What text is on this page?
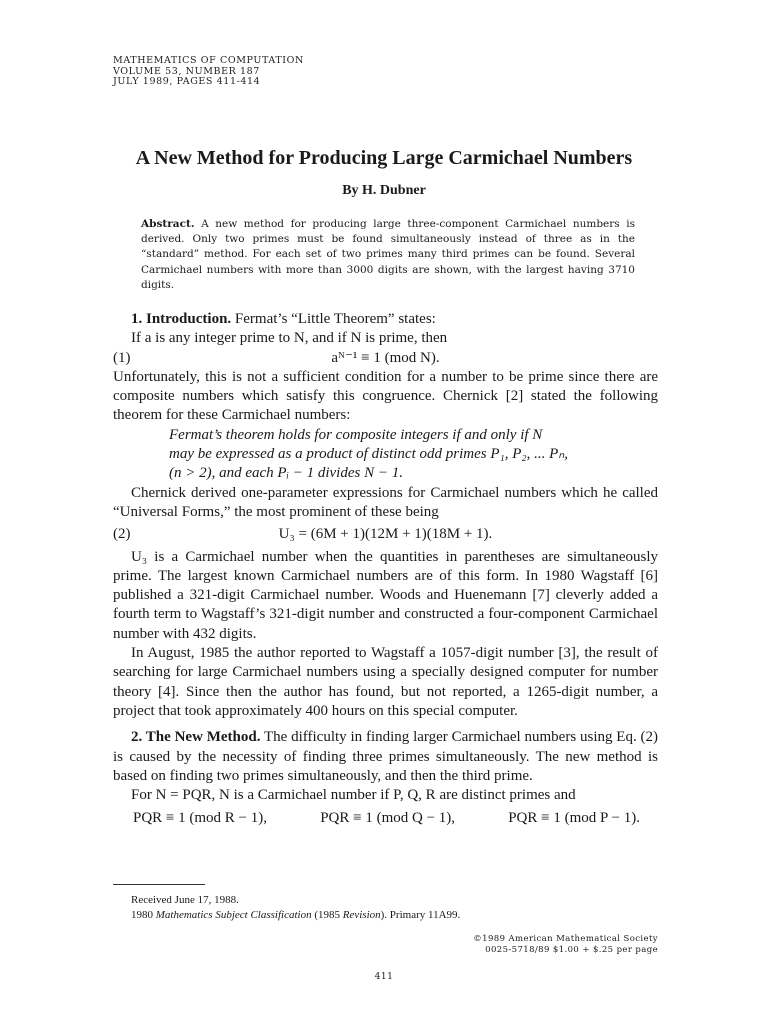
MATHEMATICS OF COMPUTATION
VOLUME 53, NUMBER 187
JULY 1989, PAGES 411-414
A New Method for Producing Large Carmichael Numbers
By H. Dubner
Abstract. A new method for producing large three-component Carmichael numbers is derived. Only two primes must be found simultaneously instead of three as in the “standard” method. For each set of two primes many third primes can be found. Several Carmichael numbers with more than 3000 digits are shown, with the largest having 3710 digits.

1. Introduction. Fermat’s “Little Theorem” states:

If a is any integer prime to N, and if N is prime, then

(1)	aᴺ⁻¹ ≡ 1 (mod N).

Unfortunately, this is not a sufficient condition for a number to be prime since there are composite numbers which satisfy this congruence. Chernick [2] stated the following theorem for these Carmichael numbers:

Fermat’s theorem holds for composite integers if and only if N
may be expressed as a product of distinct odd primes P₁, P₂, ... Pₙ,
(n > 2), and each Pᵢ − 1 divides N − 1.

Chernick derived one-parameter expressions for Carmichael numbers which he called “Universal Forms,” the most prominent of these being

(2)	U₃ = (6M + 1)(12M + 1)(18M + 1).

U₃ is a Carmichael number when the quantities in parentheses are simultaneously prime. The largest known Carmichael numbers are of this form. In 1980 Wagstaff [6] published a 321-digit Carmichael number. Woods and Huenemann [7] cleverly added a fourth term to Wagstaff’s 321-digit number and constructed a four-component Carmichael number with 432 digits.

In August, 1985 the author reported to Wagstaff a 1057-digit number [3], the result of searching for large Carmichael numbers using a specially designed computer for number theory [4]. Since then the author has found, but not reported, a 1265-digit number, a project that took approximately 400 hours on this special computer.

2. The New Method. The difficulty in finding larger Carmichael numbers using Eq. (2) is caused by the necessity of finding three primes simultaneously. The new method is based on finding two primes simultaneously, and then the third prime.

For N = PQR, N is a Carmichael number if P, Q, R are distinct primes and

PQR ≡ 1 (mod R − 1),	PQR ≡ 1 (mod Q − 1),	PQR ≡ 1 (mod P − 1).
Received June 17, 1988.
1980 Mathematics Subject Classification (1985 Revision). Primary 11A99.
©1989 American Mathematical Society
0025-5718/89 $1.00 + $.25 per page
411
